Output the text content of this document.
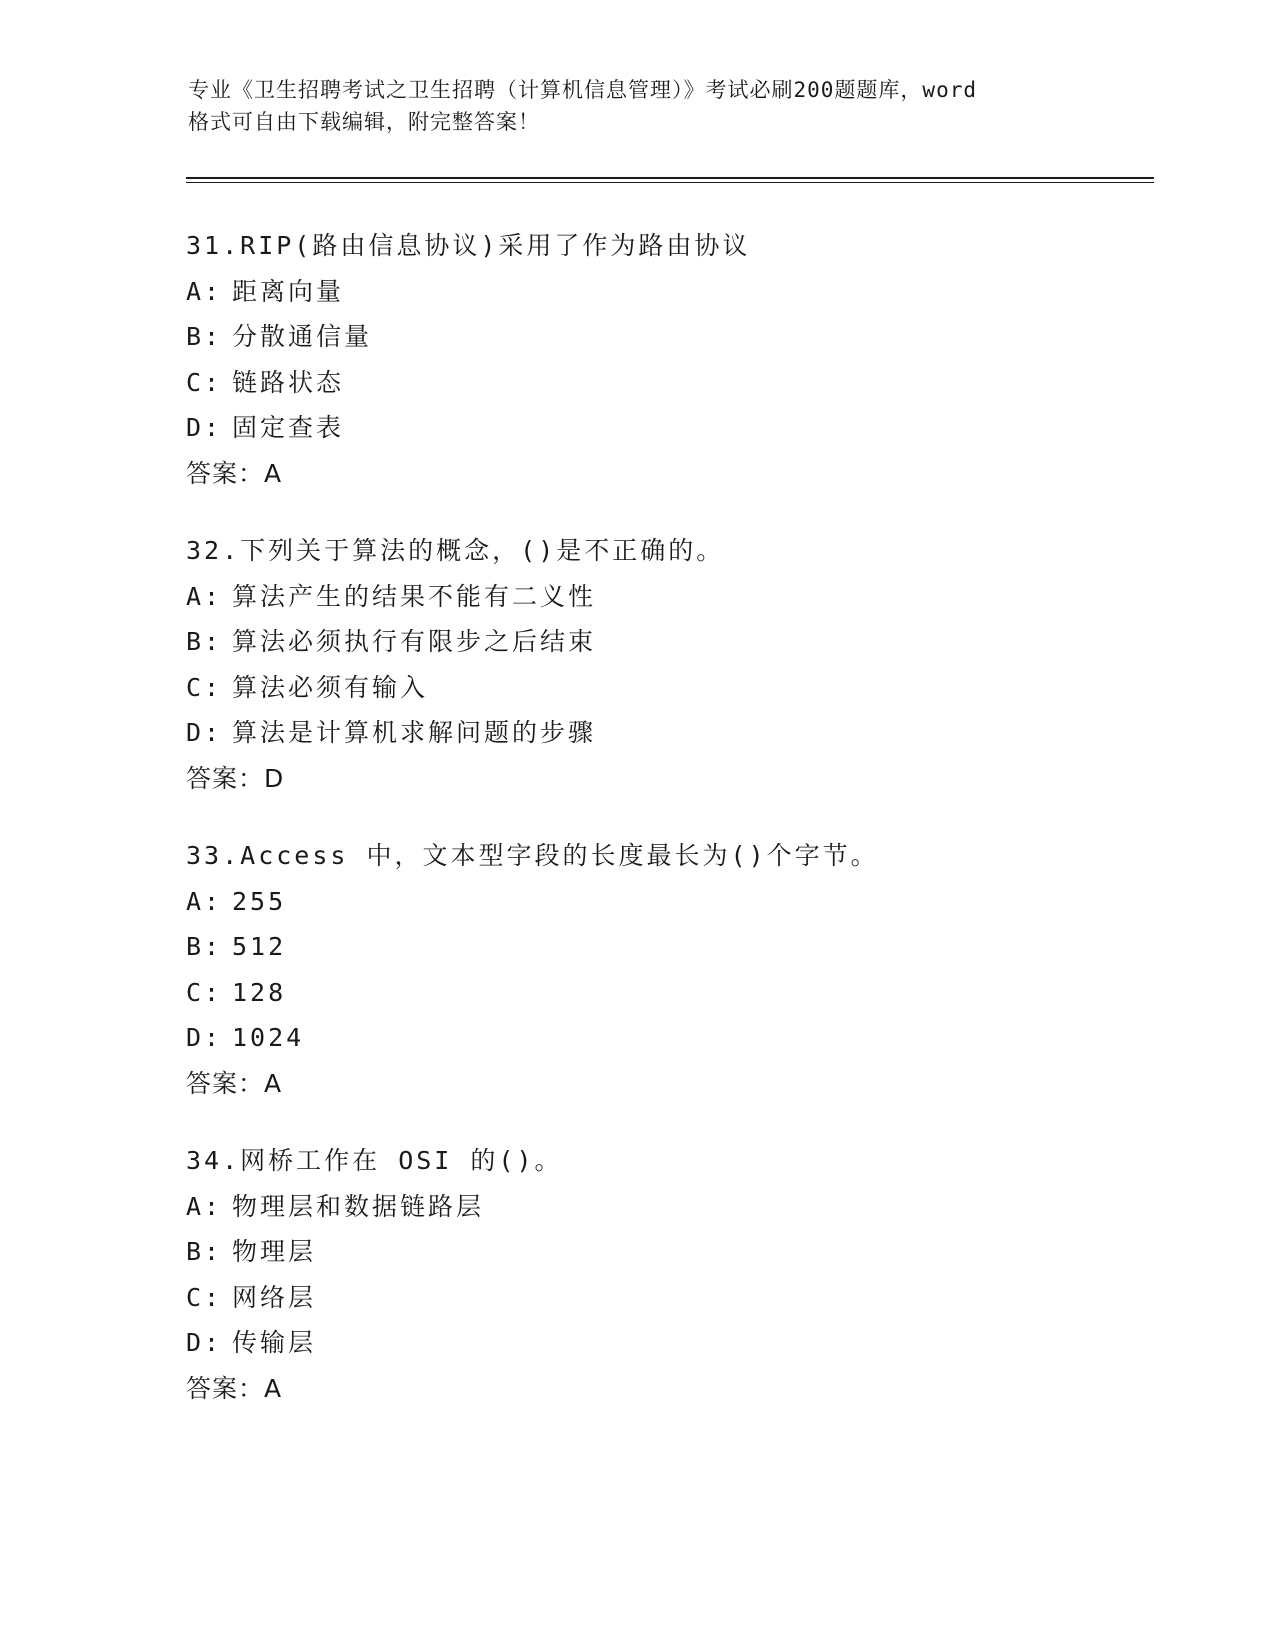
专业《卫生招聘考试之卫生招聘（计算机信息管理）》考试必刷200题题库，word
格式可自由下载编辑，附完整答案！
31.RIP(路由信息协议)采用了作为路由协议
A: 距离向量
B: 分散通信量
C: 链路状态
D: 固定查表
答案：A
32.下列关于算法的概念，()是不正确的。
A: 算法产生的结果不能有二义性
B: 算法必须执行有限步之后结束
C: 算法必须有输入
D: 算法是计算机求解问题的步骤
答案：D
33.Access 中，文本型字段的长度最长为()个字节。
A: 255
B: 512
C: 128
D: 1024
答案：A
34.网桥工作在 OSI 的()。
A: 物理层和数据链路层
B: 物理层
C: 网络层
D: 传输层
答案：A
